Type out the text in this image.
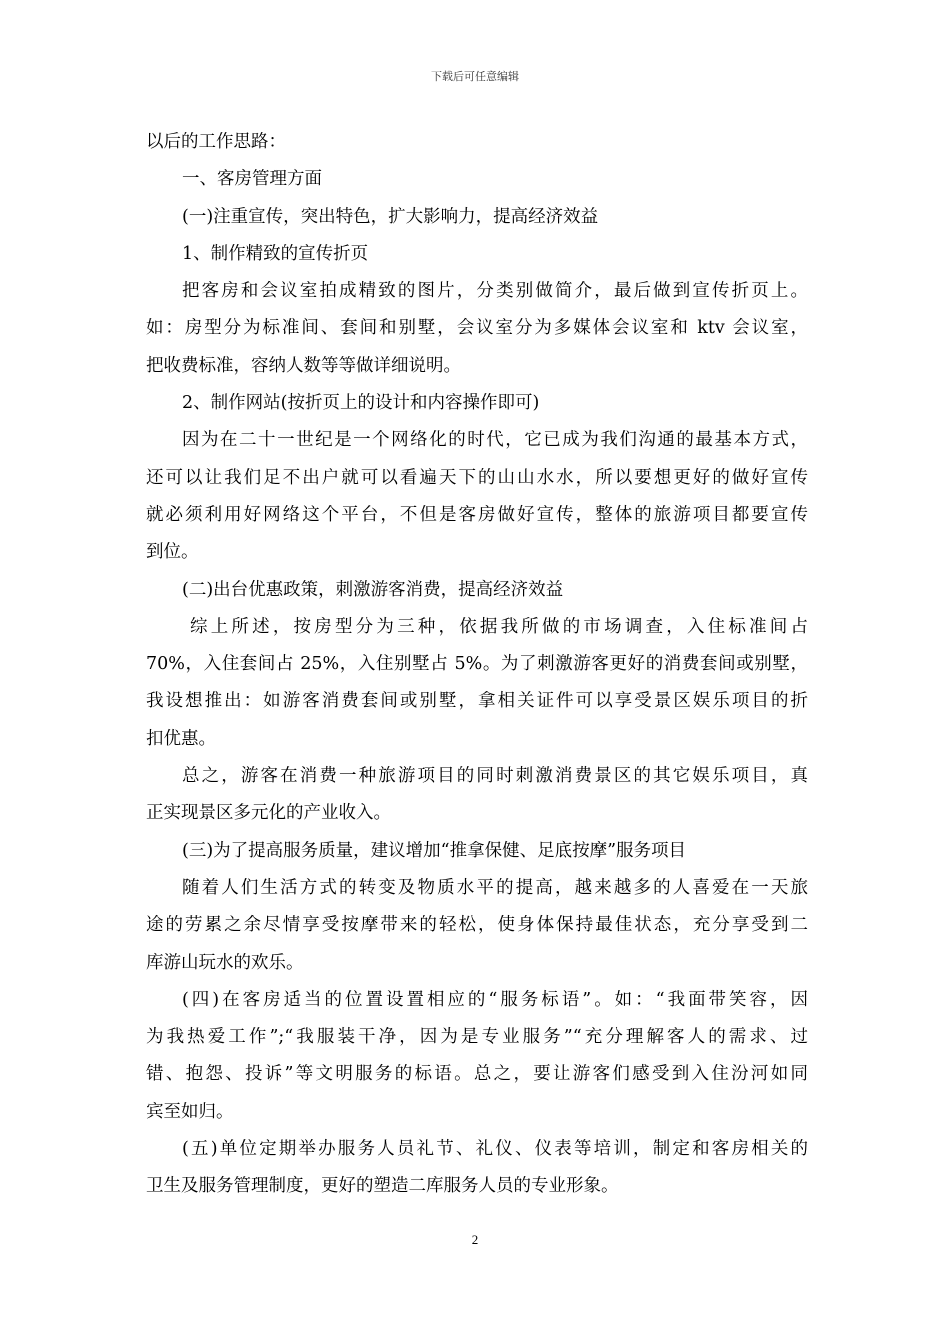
下载后可任意编辑
以后的工作思路：
一、客房管理方面
(一)注重宣传，突出特色，扩大影响力，提高经济效益
1、制作精致的宣传折页
把客房和会议室拍成精致的图片，分类别做简介，最后做到宣传折页上。
如：房型分为标准间、套间和别墅，会议室分为多媒体会议室和 ktv 会议室，
把收费标准，容纳人数等等做详细说明。
2、制作网站(按折页上的设计和内容操作即可)
因为在二十一世纪是一个网络化的时代，它已成为我们沟通的最基本方式，
还可以让我们足不出户就可以看遍天下的山山水水，所以要想更好的做好宣传
就必须利用好网络这个平台，不但是客房做好宣传，整体的旅游项目都要宣传
到位。
(二)出台优惠政策，刺激游客消费，提高经济效益
综上所述，按房型分为三种，依据我所做的市场调查，入住标准间占
70%，入住套间占 25%，入住别墅占 5%。为了刺激游客更好的消费套间或别墅，
我设想推出：如游客消费套间或别墅，拿相关证件可以享受景区娱乐项目的折
扣优惠。
总之，游客在消费一种旅游项目的同时刺激消费景区的其它娱乐项目，真
正实现景区多元化的产业收入。
(三)为了提高服务质量，建议增加“推拿保健、足底按摩”服务项目
随着人们生活方式的转变及物质水平的提高，越来越多的人喜爱在一天旅
途的劳累之余尽情享受按摩带来的轻松，使身体保持最佳状态，充分享受到二
库游山玩水的欢乐。
(四)在客房适当的位置设置相应的“服务标语”。如：“我面带笑容，因
为我热爱工作”;“我服装干净，因为是专业服务”“充分理解客人的需求、过
错、抱怨、投诉”等文明服务的标语。总之，要让游客们感受到入住汾河如同
宾至如归。
(五)单位定期举办服务人员礼节、礼仪、仪表等培训，制定和客房相关的
卫生及服务管理制度，更好的塑造二库服务人员的专业形象。
2
